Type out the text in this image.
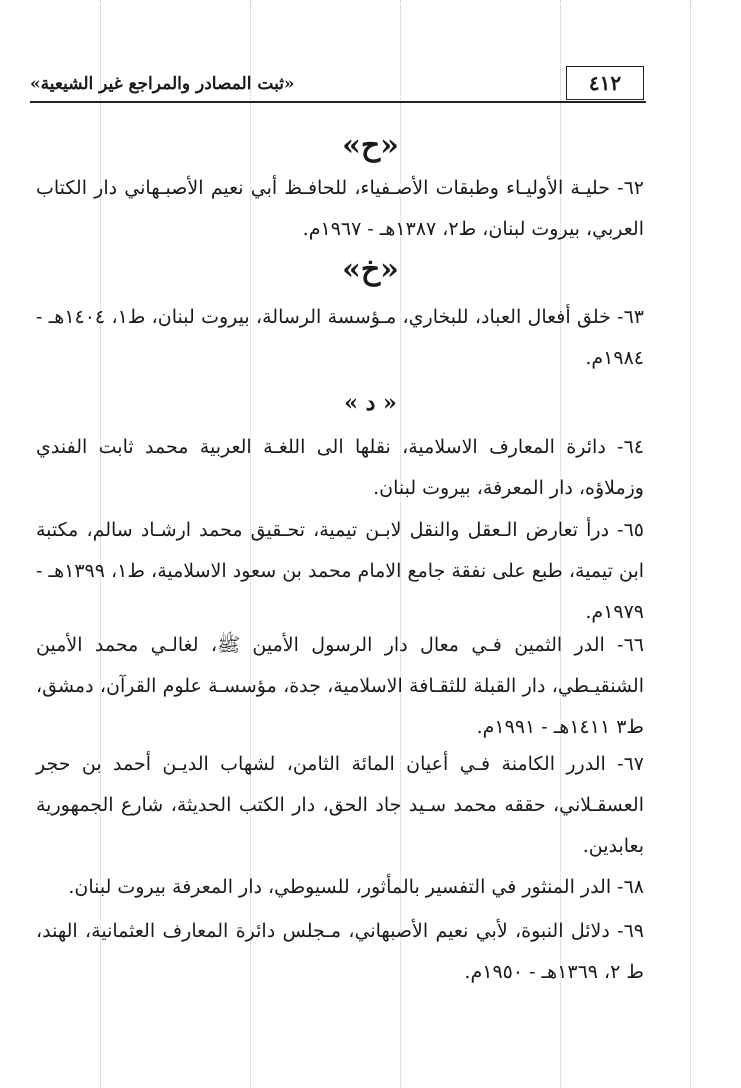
«ثبت المصادر والمراجع غير الشيعية»	٤١٢
«ح»
٦٢- حليـة الأوليـاء وطبقات الأصـفياء، للحافـظ أبي نعيم الأصبـهاني دار الكتاب العربي، بيروت لبنان، ط٢، ١٣٨٧هـ - ١٩٦٧م.
«خ»
٦٣- خلق أفعال العباد، للبخاري، مـؤسسة الرسالة، بيروت لبنان، ط١، ١٤٠٤هـ - ١٩٨٤م.
« د »
٦٤- دائرة المعارف الاسلامية، نقلها الى اللغـة العربية محمد ثابت الفندي وزملاؤه، دار المعرفة، بيروت لبنان.
٦٥- درأ تعارض الـعقل والنقل لابـن تيمية، تحـقيق محمد ارشـاد سالم، مكتبة ابن تيمية، طبع على نفقة جامع الامام محمد بن سعود الاسلامية، ط١، ١٣٩٩هـ - ١٩٧٩م.
٦٦- الدر الثمين فـي معال دار الرسول الأمين ﷺ، لغالـي محمد الأمين الشنقيـطي، دار القبلة للثقـافة الاسلامية، جدة، مؤسسـة علوم القرآن، دمشق، ط٣ ١٤١١هـ - ١٩٩١م.
٦٧- الدرر الكامنة فـي أعيان المائة الثامن، لشهاب الديـن أحمد بن حجر العسقـلاني، حققه محمد سـيد جاد الحق، دار الكتب الحديثة، شارع الجمهورية بعابدين.
٦٨- الدر المنثور في التفسير بالمأثور، للسيوطي، دار المعرفة بيروت لبنان.
٦٩- دلائل النبوة، لأبي نعيم الأصبهاني، مـجلس دائرة المعارف العثمانية، الهند، ط ٢، ١٣٦٩هـ - ١٩٥٠م.
